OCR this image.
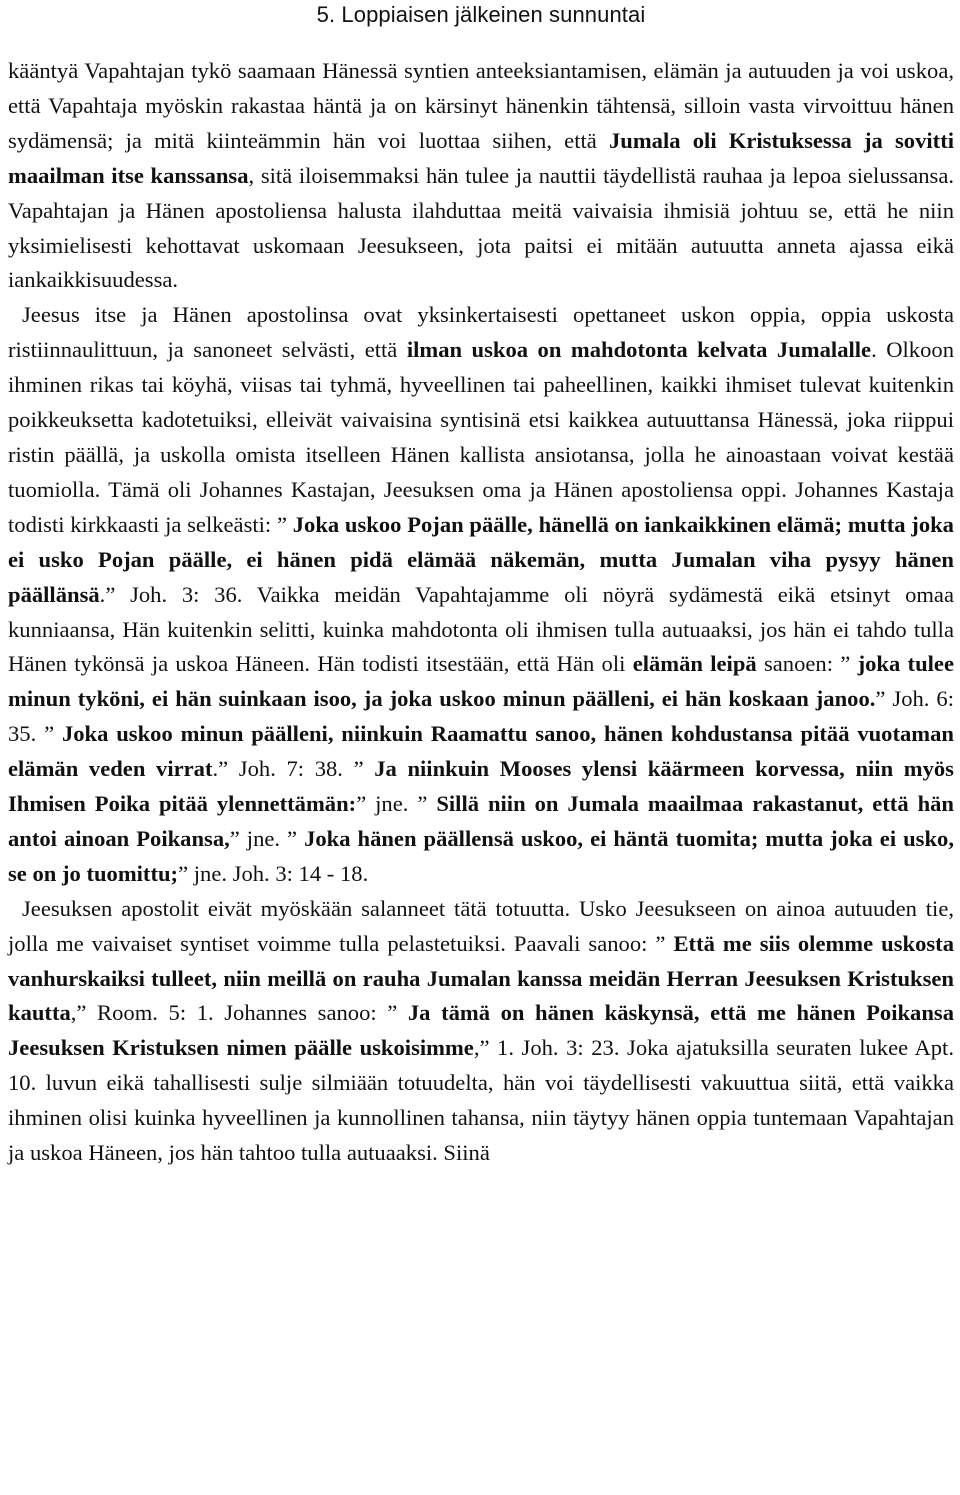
5. Loppiaisen jälkeinen sunnuntai

kääntyä Vapahtajan tykö saamaan Hänessä syntien anteeksiantamisen, elämän ja autuuden ja voi uskoa, että Vapahtaja myöskin rakastaa häntä ja on kärsinyt hänenkin tähtensä, silloin vasta virvoittuu hänen sydämensä; ja mitä kiinteämmin hän voi luottaa siihen, että Jumala oli Kristuksessa ja sovitti maailman itse kanssansa, sitä iloisemmaksi hän tulee ja nauttii täydellistä rauhaa ja lepoa sielussansa. Vapahtajan ja Hänen apostoliensa halusta ilahduttaa meitä vaivaisia ihmisiä johtuu se, että he niin yksimielisesti kehottavat uskomaan Jeesukseen, jota paitsi ei mitään autuutta anneta ajassa eikä iankaikkisuudessa.

Jeesus itse ja Hänen apostolinsa ovat yksinkertaisesti opettaneet uskon oppia, oppia uskosta ristiinnaulittuun, ja sanoneet selvästi, että ilman uskoa on mahdotonta kelvata Jumalalle. Olkoon ihminen rikas tai köyhä, viisas tai tyhmä, hyveellinen tai paheellinen, kaikki ihmiset tulevat kuitenkin poikkeuksetta kadotetuiksi, elleivät vaivaisina syntisinä etsi kaikkea autuuttansa Hänessä, joka riippui ristin päällä, ja uskolla omista itselleen Hänen kallista ansiotansa, jolla he ainoastaan voivat kestää tuomiolla. Tämä oli Johannes Kastajan, Jeesuksen oma ja Hänen apostoliensa oppi. Johannes Kastaja todisti kirkkaasti ja selkeästi: ” Joka uskoo Pojan päälle, hänellä on iankaikkinen elämä; mutta joka ei usko Pojan päälle, ei hänen pidä elämää näkemän, mutta Jumalan viha pysyy hänen päällänsä.” Joh. 3: 36. Vaikka meidän Vapahtajamme oli nöyrä sydämestä eikä etsinyt omaa kunniaansa, Hän kuitenkin selitti, kuinka mahdotonta oli ihmisen tulla autuaaksi, jos hän ei tahdo tulla Hänen tykönsä ja uskoa Häneen. Hän todisti itsestään, että Hän oli elämän leipä sanoen: ” joka tulee minun tyköni, ei hän suinkaan isoo, ja joka uskoo minun päälleni, ei hän koskaan janoo.” Joh. 6: 35. ” Joka uskoo minun päälleni, niinkuin Raamattu sanoo, hänen kohdustansa pitää vuotaman elämän veden virrat.” Joh. 7: 38. ” Ja niinkuin Mooses ylensi käärmeen korvessa, niin myös Ihmisen Poika pitää ylennettämän:” jne. ” Sillä niin on Jumala maailmaa rakastanut, että hän antoi ainoan Poikansa,” jne. ” Joka hänen päällensä uskoo, ei häntä tuomita; mutta joka ei usko, se on jo tuomittu;” jne. Joh. 3: 14 - 18.

Jeesuksen apostolit eivät myöskään salanneet tätä totuutta. Usko Jeesukseen on ainoa autuuden tie, jolla me vaivaiset syntiset voimme tulla pelastetuiksi. Paavali sanoo: ” Että me siis olemme uskosta vanhurskaiksi tulleet, niin meillä on rauha Jumalan kanssa meidän Herran Jeesuksen Kristuksen kautta,” Room. 5: 1. Johannes sanoo: ” Ja tämä on hänen käskynsä, että me hänen Poikansa Jeesuksen Kristuksen nimen päälle uskoisimme,” 1. Joh. 3: 23. Joka ajatuksilla seuraten lukee Apt. 10. luvun eikä tahallisesti sulje silmiään totuudelta, hän voi täydellisesti vakuuttua siitä, että vaikka ihminen olisi kuinka hyveellinen ja kunnollinen tahansa, niin täytyy hänen oppia tuntemaan Vapahtajan ja uskoa Häneen, jos hän tahtoo tulla autuaaksi. Siinä
